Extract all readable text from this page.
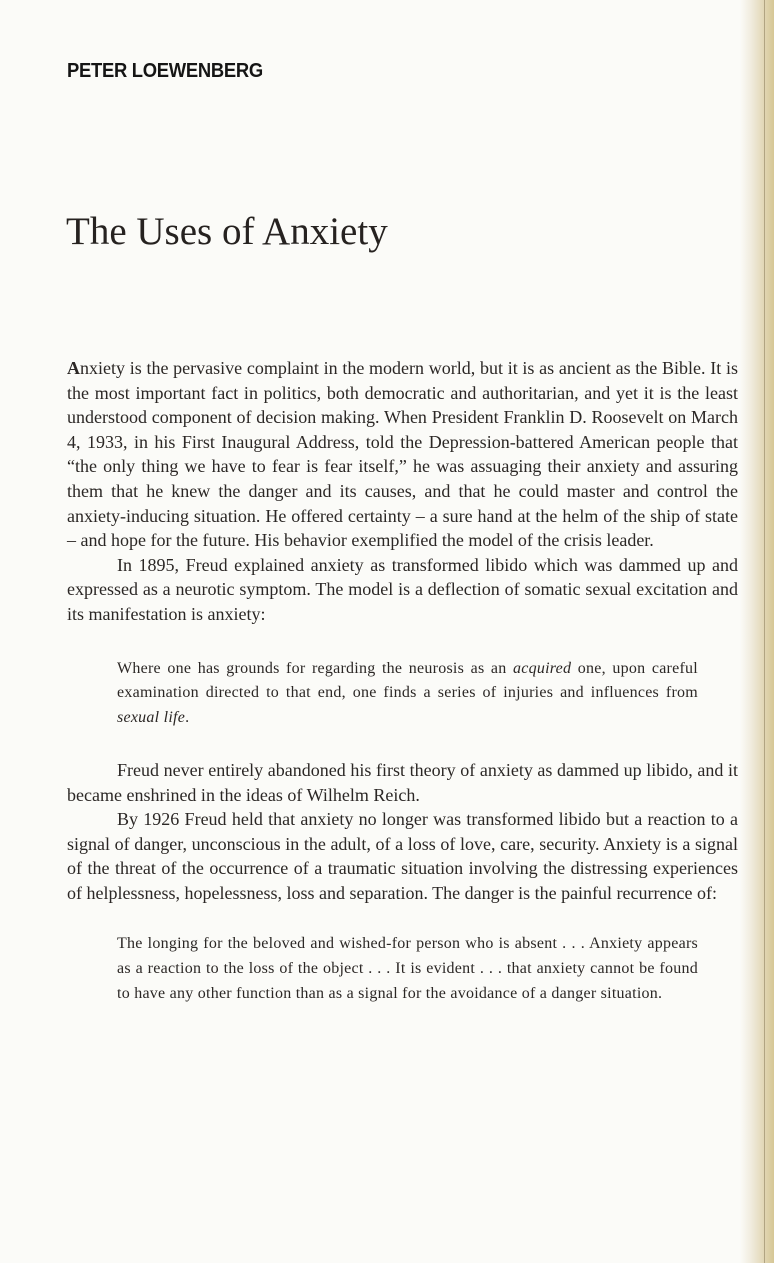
PETER LOEWENBERG
The Uses of Anxiety

Anxiety is the pervasive complaint in the modern world, but it is as ancient as the Bible. It is the most important fact in politics, both democratic and authoritarian, and yet it is the least understood component of decision making. When President Franklin D. Roosevelt on March 4, 1933, in his First Inaugural Address, told the Depression-battered American people that “the only thing we have to fear is fear itself,” he was assuaging their anxiety and assuring them that he knew the danger and its causes, and that he could master and control the anxiety-inducing situation. He offered certainty – a sure hand at the helm of the ship of state – and hope for the future. His behavior exemplified the model of the crisis leader.

In 1895, Freud explained anxiety as transformed libido which was dammed up and expressed as a neurotic symptom. The model is a deflection of somatic sexual excitation and its manifestation is anxiety:

Where one has grounds for regarding the neurosis as an acquired one, upon careful examination directed to that end, one finds a series of injuries and influences from sexual life.

Freud never entirely abandoned his first theory of anxiety as dammed up libido, and it became enshrined in the ideas of Wilhelm Reich.

By 1926 Freud held that anxiety no longer was transformed libido but a reaction to a signal of danger, unconscious in the adult, of a loss of love, care, security. Anxiety is a signal of the threat of the occurrence of a traumatic situation involving the distressing experiences of helplessness, hopelessness, loss and separation. The danger is the painful recurrence of:

The longing for the beloved and wished-for person who is absent . . . Anxiety appears as a reaction to the loss of the object . . . It is evident . . . that anxiety cannot be found to have any other function than as a signal for the avoidance of a danger situation.
